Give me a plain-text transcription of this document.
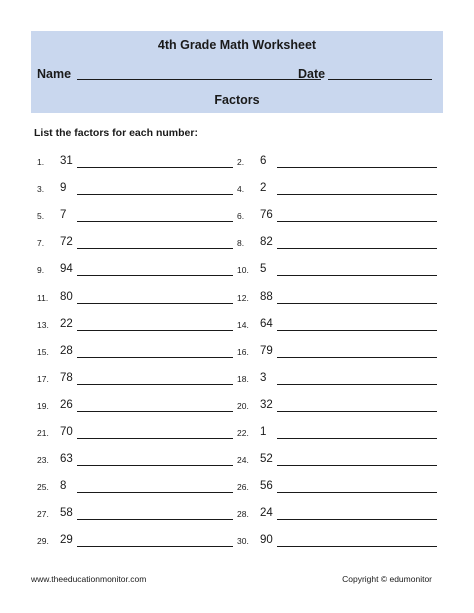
4th Grade Math Worksheet
Name	Date
Factors
List the factors for each number:
1. 31	2. 6
3. 9	4. 2
5. 7	6. 76
7. 72	8. 82
9. 94	10. 5
11. 80	12. 88
13. 22	14. 64
15. 28	16. 79
17. 78	18. 3
19. 26	20. 32
21. 70	22. 1
23. 63	24. 52
25. 8	26. 56
27. 58	28. 24
29. 29	30. 90
www.theeducationmonitor.com	Copyright © edumonitor
